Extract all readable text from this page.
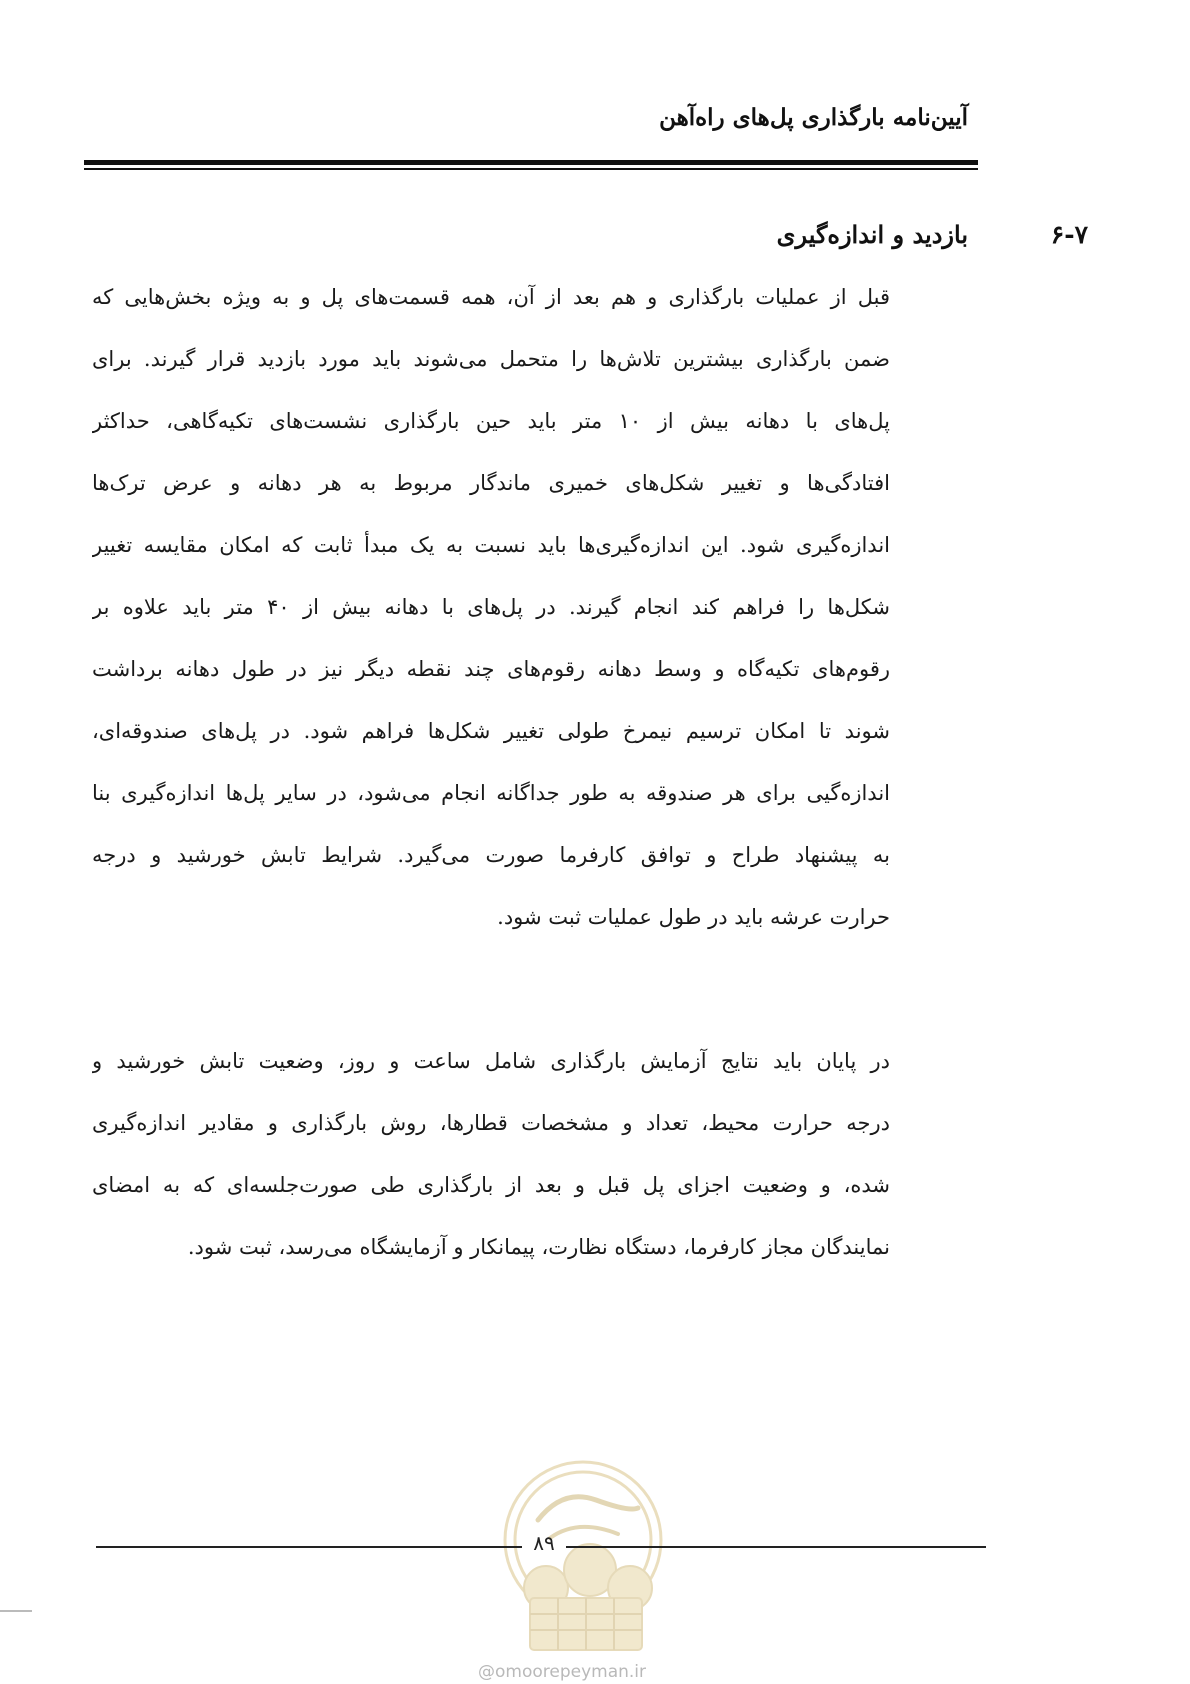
آیین‌نامه بارگذاری پل‌های راه‌آهن
بازدید و اندازه‌گیری	۶-۷
قبل از عملیات بارگذاری و هم بعد از آن، همه قسمت‌های پل و به ویژه بخش‌هایی که
ضمن بارگذاری بیشترین تلاش‌ها را متحمل می‌شوند باید مورد بازدید قرار گیرند. برای
پل‌های با دهانه بیش از ۱۰ متر باید حین بارگذاری نشست‌های تکیه‌گاهی، حداکثر
افتادگی‌ها و تغییر شکل‌های خمیری ماندگار مربوط به هر دهانه و عرض ترک‌ها
اندازه‌گیری شود. این اندازه‌گیری‌ها باید نسبت به یک مبدأ ثابت که امکان مقایسه تغییر
شکل‌ها را فراهم کند انجام گیرند. در پل‌های با دهانه بیش از ۴۰ متر باید علاوه بر
رقوم‌های تکیه‌گاه و وسط دهانه رقوم‌های چند نقطه دیگر نیز در طول دهانه برداشت
شوند تا امکان ترسیم نیمرخ طولی تغییر شکل‌ها فراهم شود. در پل‌های صندوقه‌ای،
اندازه‌گیی برای هر صندوقه به طور جداگانه انجام می‌شود، در سایر پل‌ها اندازه‌گیری بنا
به پیشنهاد طراح و توافق کارفرما صورت می‌گیرد. شرایط تابش خورشید و درجه
حرارت عرشه باید در طول عملیات ثبت شود.
در پایان باید نتایج آزمایش بارگذاری شامل ساعت و روز، وضعیت تابش خورشید و
درجه حرارت محیط، تعداد و مشخصات قطارها، روش بارگذاری و مقادیر اندازه‌گیری
شده، و وضعیت اجزای پل قبل و بعد از بارگذاری طی صورت‌جلسه‌ای که به امضای
نمایندگان مجاز کارفرما، دستگاه نظارت، پیمانکار و آزمایشگاه می‌رسد، ثبت شود.
۸۹
@omoorepeyman.ir
